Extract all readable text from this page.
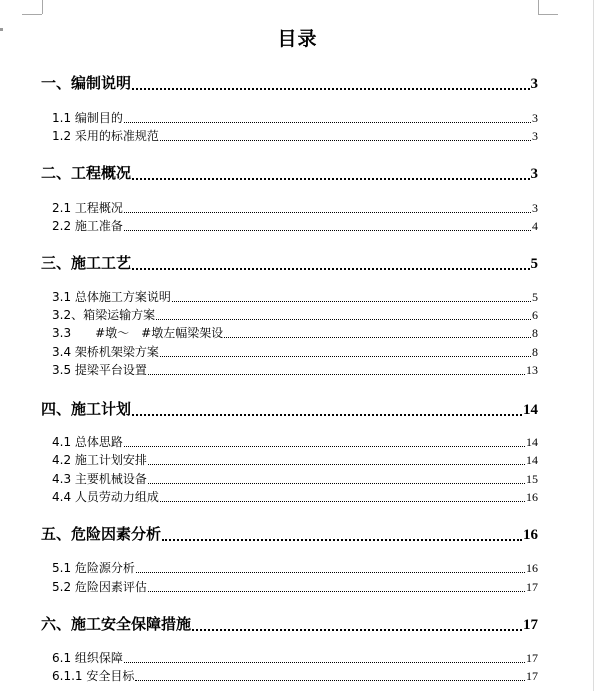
目录
一、编制说明	3
1.1 编制目的	3
1.2 采用的标准规范	3
二、工程概况	3
2.1 工程概况	3
2.2 施工准备	4
三、施工工艺	5
3.1 总体施工方案说明	5
3.2、箱梁运输方案	6
3.3　　#墩～　#墩左幅梁架设	8
3.4 架桥机架梁方案	8
3.5 提梁平台设置	13
四、施工计划	14
4.1 总体思路	14
4.2 施工计划安排	14
4.3 主要机械设备	15
4.4 人员劳动力组成	16
五、危险因素分析	16
5.1 危险源分析	16
5.2 危险因素评估	17
六、施工安全保障措施	17
6.1 组织保障	17
6.1.1 安全目标	17
